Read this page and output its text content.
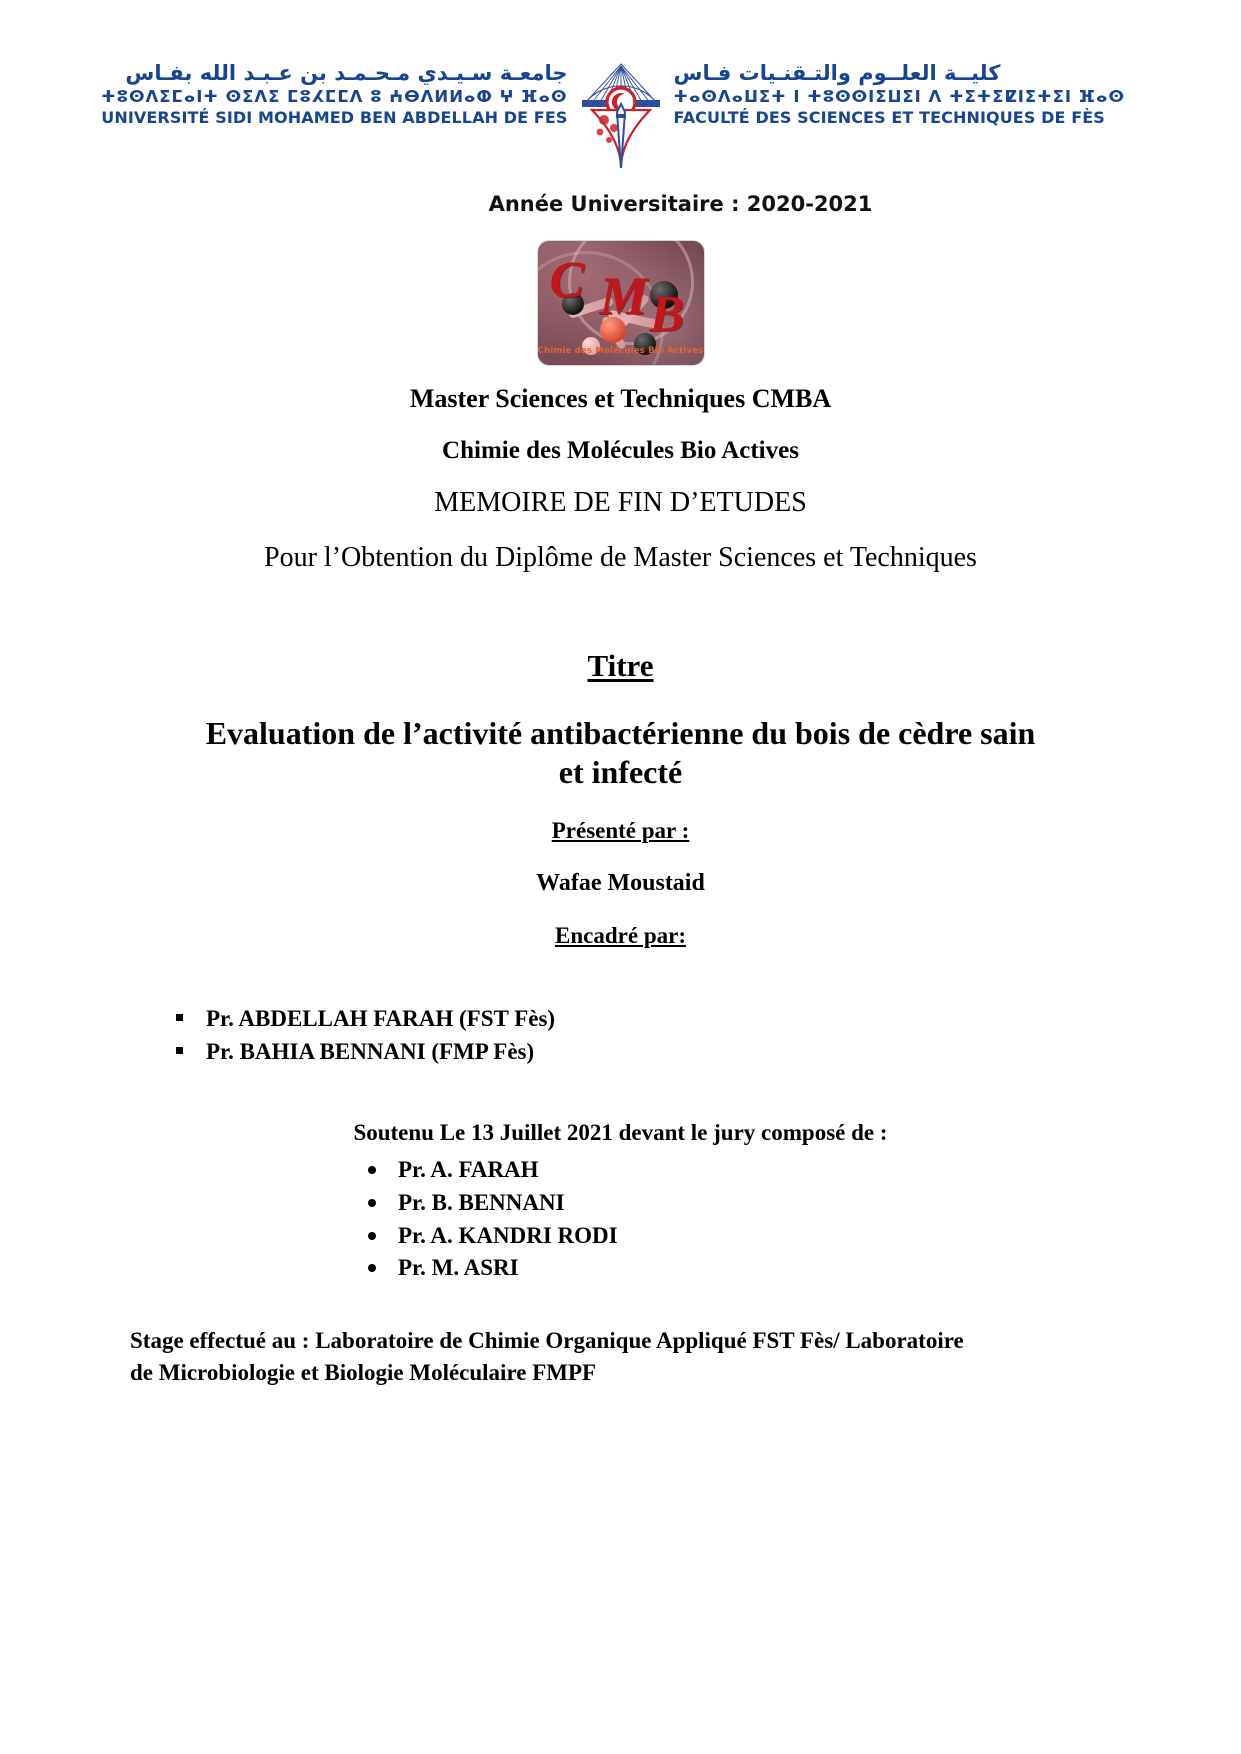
جامعـة سـيـدي مـحـمـد بن عـبـد الله بفـاس
ⵜⵓⵙⴷⵉⵎⴰⵏⵜ ⵙⵉⴷⵉ ⵎⵓⵃⵎⵎⴷ ⵓ ⵄⴱⴷⵍⵍⴰⵀ ⵖ ⴼⴰⵙ
UNIVERSITÉ SIDI MOHAMED BEN ABDELLAH DE FES
كليــة العلــوم والتـقنـيات فـاس
ⵜⴰⵙⴷⴰⵡⵉⵜ ⵏ ⵜⵓⵙⵙⵏⵉⵡⵉⵏ ⴷ ⵜⵉⵜⵉⵇⵏⵉⵜⵉⵏ ⴼⴰⵙ
FACULTÉ DES SCIENCES ET TECHNIQUES DE FÈS
Année Universitaire : 2020-2021
C M B
Chimie des Molécules Bio Actives
Master Sciences et Techniques CMBA
Chimie des Molécules Bio Actives
MEMOIRE DE FIN D’ETUDES
Pour l’Obtention du Diplôme de Master Sciences et Techniques
Titre
Evaluation de l’activité antibactérienne du bois de cèdre sain et infecté
Présenté par :
Wafae Moustaid
Encadré par:
Pr. ABDELLAH FARAH (FST Fès)
Pr. BAHIA BENNANI (FMP Fès)
Soutenu Le 13 Juillet 2021 devant le jury composé de :
Pr. A. FARAH
Pr. B. BENNANI
Pr. A. KANDRI RODI
Pr. M. ASRI
Stage effectué au : Laboratoire de Chimie Organique Appliqué FST Fès/ Laboratoire de Microbiologie et Biologie Moléculaire FMPF
